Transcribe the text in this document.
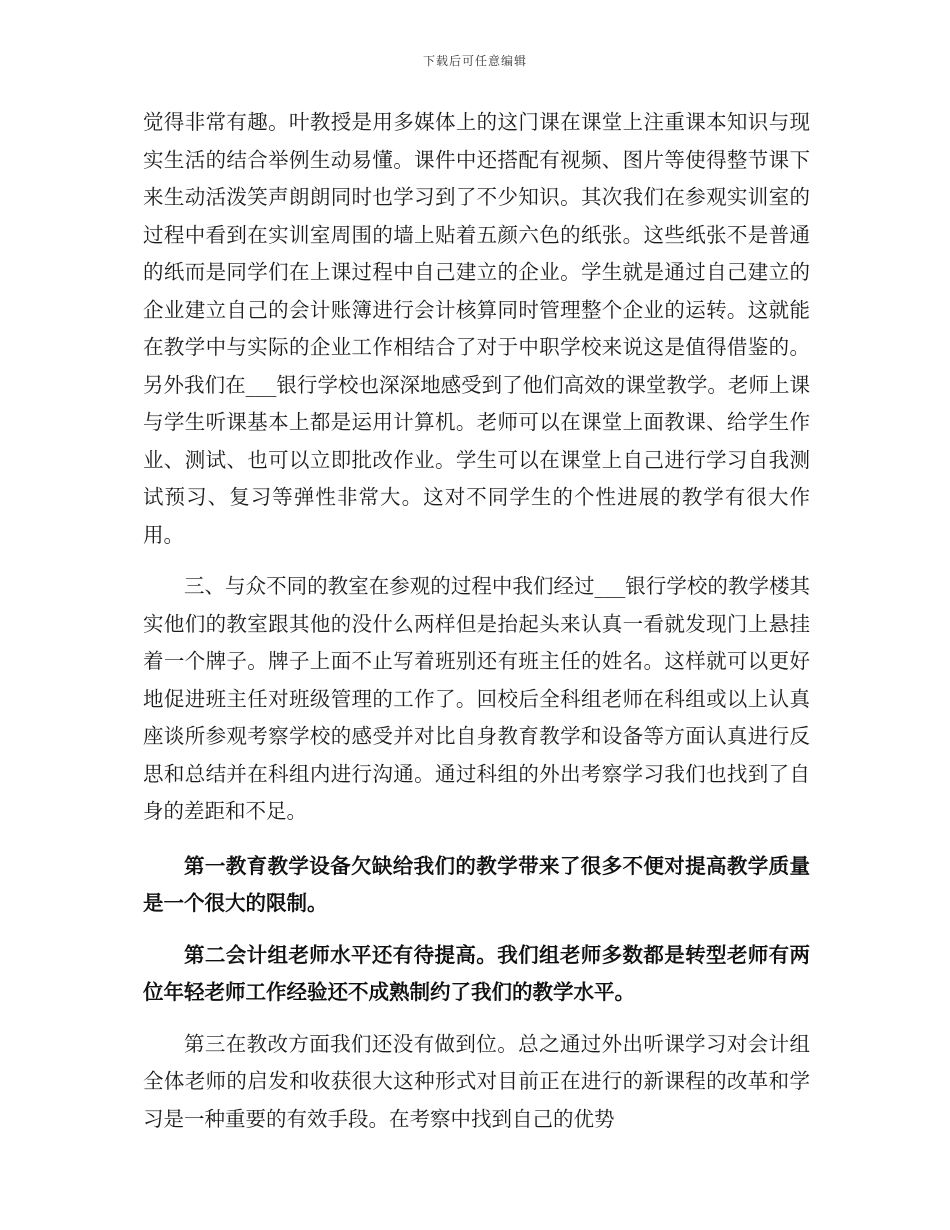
下载后可任意编辑

觉得非常有趣。叶教授是用多媒体上的这门课在课堂上注重课本知识与现实生活的结合举例生动易懂。课件中还搭配有视频、图片等使得整节课下来生动活泼笑声朗朗同时也学习到了不少知识。其次我们在参观实训室的过程中看到在实训室周围的墙上贴着五颜六色的纸张。这些纸张不是普通的纸而是同学们在上课过程中自己建立的企业。学生就是通过自己建立的企业建立自己的会计账簿进行会计核算同时管理整个企业的运转。这就能在教学中与实际的企业工作相结合了对于中职学校来说这是值得借鉴的。另外我们在___银行学校也深深地感受到了他们高效的课堂教学。老师上课与学生听课基本上都是运用计算机。老师可以在课堂上面教课、给学生作业、测试、也可以立即批改作业。学生可以在课堂上自己进行学习自我测试预习、复习等弹性非常大。这对不同学生的个性进展的教学有很大作用。

三、与众不同的教室在参观的过程中我们经过___银行学校的教学楼其实他们的教室跟其他的没什么两样但是抬起头来认真一看就发现门上悬挂着一个牌子。牌子上面不止写着班别还有班主任的姓名。这样就可以更好地促进班主任对班级管理的工作了。回校后全科组老师在科组或以上认真座谈所参观考察学校的感受并对比自身教育教学和设备等方面认真进行反思和总结并在科组内进行沟通。通过科组的外出考察学习我们也找到了自身的差距和不足。

第一教育教学设备欠缺给我们的教学带来了很多不便对提高教学质量是一个很大的限制。

第二会计组老师水平还有待提高。我们组老师多数都是转型老师有两位年轻老师工作经验还不成熟制约了我们的教学水平。

第三在教改方面我们还没有做到位。总之通过外出听课学习对会计组全体老师的启发和收获很大这种形式对目前正在进行的新课程的改革和学习是一种重要的有效手段。在考察中找到自己的优势
